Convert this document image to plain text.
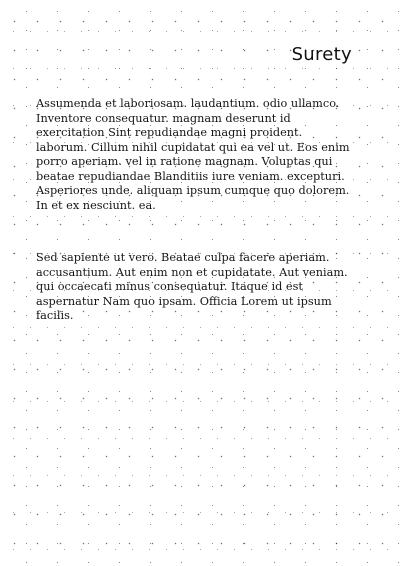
Surety

Assumenda et laboriosam. laudantium. odio ullamco. Inventore consequatur. magnam deserunt id exercitation Sint repudiandae magni proident. laborum. Cillum nihil cupidatat qui ea vel ut. Eos enim porro aperiam. vel in ratione magnam. Voluptas qui beatae repudiandae Blanditiis iure veniam. excepturi. Asperiores unde. aliquam ipsum cumque quo dolorem. In et ex nesciunt. ea.

Sed sapiente ut vero. Beatae culpa facere aperiam. accusantium. Aut enim non et cupidatate. Aut veniam. qui occaecati minus consequatur. Itaque id est aspernatur Nam quo ipsam. Officia Lorem ut ipsum facilis.
